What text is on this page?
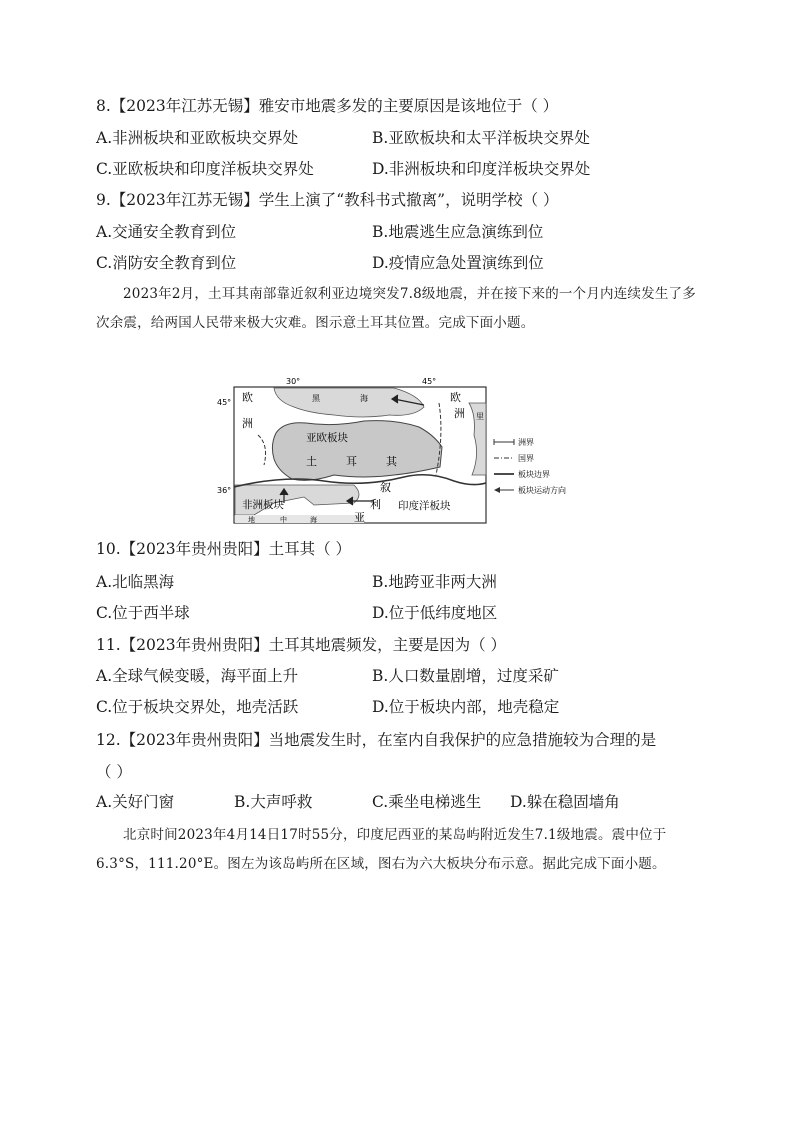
8.【2023年江苏无锡】雅安市地震多发的主要原因是该地位于（ ）
A.非洲板块和亚欧板块交界处	B.亚欧板块和太平洋板块交界处
C.亚欧板块和印度洋板块交界处	D.非洲板块和印度洋板块交界处
9.【2023年江苏无锡】学生上演了“教科书式撤离”，说明学校（ ）
A.交通安全教育到位	B.地震逃生应急演练到位
C.消防安全教育到位	D.疫情应急处置演练到位
2023年2月，土耳其南部靠近叙利亚边境突发7.8级地震，并在接下来的一个月内连续发生了多次余震，给两国人民带来极大灾难。图示意土耳其位置。完成下面小题。
30°	45°
45°
36°
欧
洲
欧
洲
黑	海
里
亚欧板块
土	耳	其
非洲板块	印度洋板块
叙
利
亚
地	中	海
洲界
国界
板块边界
板块运动方向
10.【2023年贵州贵阳】土耳其（ ）
A.北临黑海	B.地跨亚非两大洲
C.位于西半球	D.位于低纬度地区
11.【2023年贵州贵阳】土耳其地震频发，主要是因为（ ）
A.全球气候变暖，海平面上升	B.人口数量剧增，过度采矿
C.位于板块交界处，地壳活跃	D.位于板块内部，地壳稳定
12.【2023年贵州贵阳】当地震发生时，在室内自我保护的应急措施较为合理的是
（ ）
A.关好门窗	B.大声呼救	C.乘坐电梯逃生 D.躲在稳固墙角
北京时间2023年4月14日17时55分，印度尼西亚的某岛屿附近发生7.1级地震。震中位于6.3°S，111.20°E。图左为该岛屿所在区域，图右为六大板块分布示意。据此完成下面小题。
